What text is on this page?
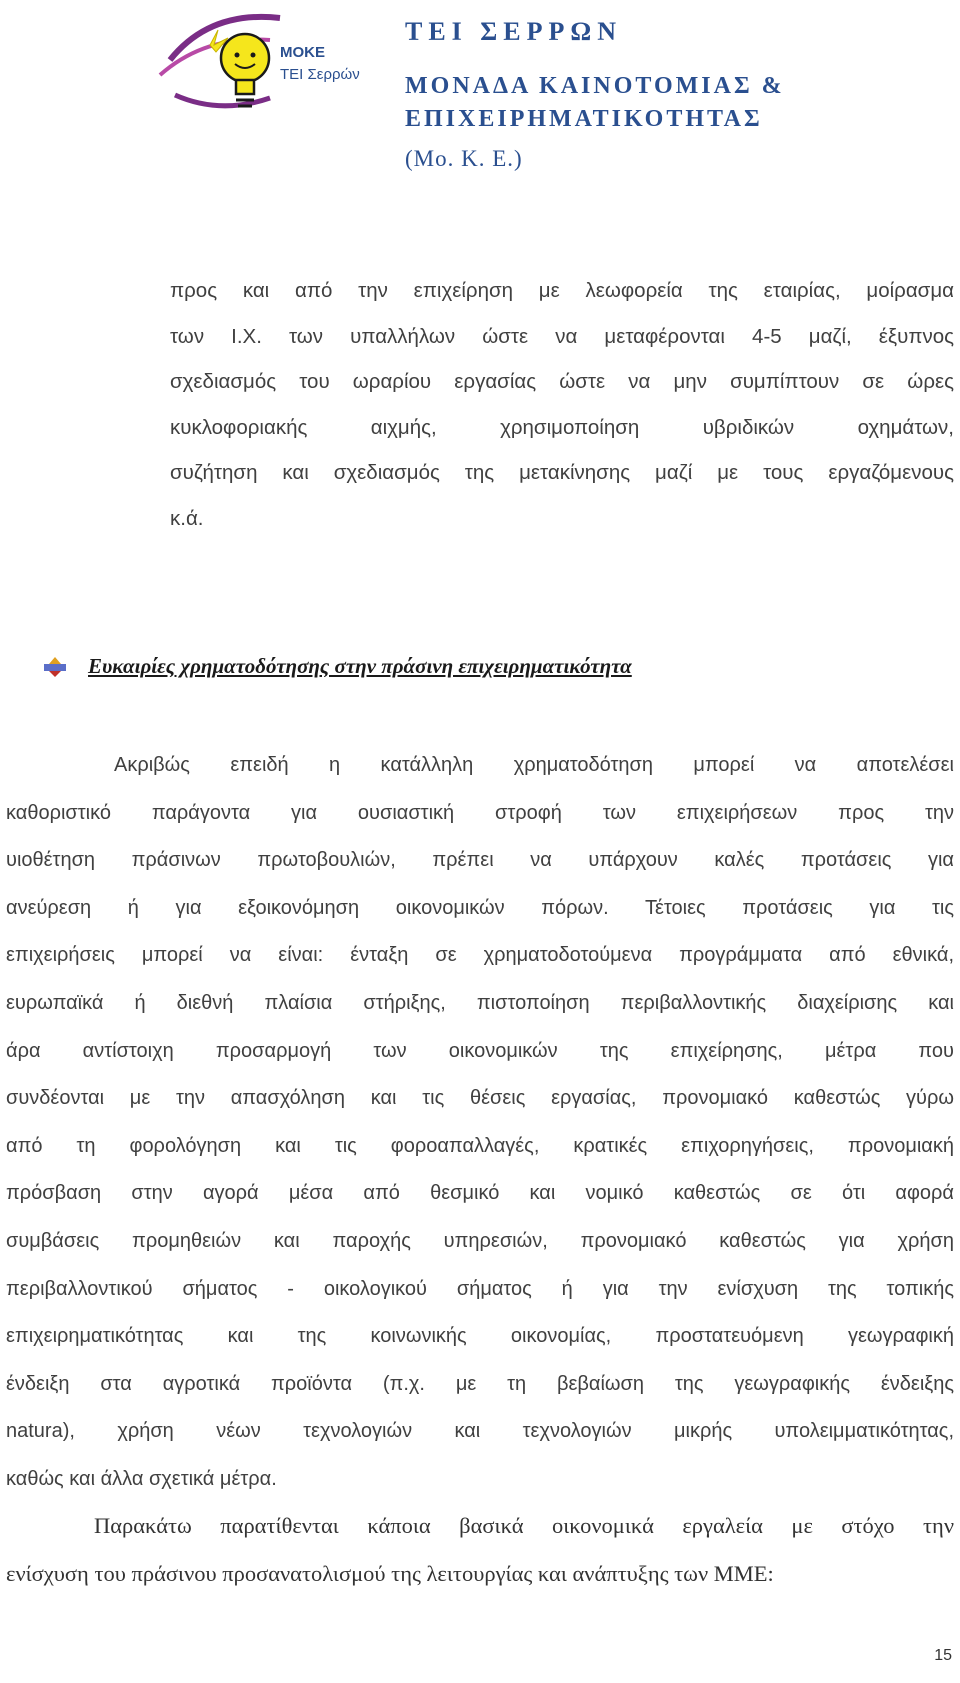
ΜΟΚΕ
ΤΕΙ Σερρών
ΤΕΙ ΣΕΡΡΩΝ
ΜΟΝΑΔΑ ΚΑΙΝΟΤΟΜΙΑΣ &
ΕΠΙΧΕΙΡΗΜΑΤΙΚΟΤΗΤΑΣ
(Μο. Κ. Ε.)
προς και από την επιχείρηση με λεωφορεία της εταιρίας, μοίρασμα
των Ι.Χ. των υπαλλήλων ώστε να μεταφέρονται 4-5 μαζί, έξυπνος
σχεδιασμός του ωραρίου εργασίας ώστε να μην συμπίπτουν σε ώρες
κυκλοφοριακής αιχμής, χρησιμοποίηση υβριδικών οχημάτων,
συζήτηση και σχεδιασμός της μετακίνησης μαζί με τους εργαζόμενους
κ.ά.
Ευκαιρίες χρηματοδότησης στην πράσινη επιχειρηματικότητα
Ακριβώς επειδή η κατάλληλη χρηματοδότηση μπορεί να αποτελέσει
καθοριστικό παράγοντα για ουσιαστική στροφή των επιχειρήσεων προς την
υιοθέτηση πράσινων πρωτοβουλιών, πρέπει να υπάρχουν καλές προτάσεις για
ανεύρεση ή για εξοικονόμηση οικονομικών πόρων. Τέτοιες προτάσεις για τις
επιχειρήσεις μπορεί να είναι: ένταξη σε χρηματοδοτούμενα προγράμματα από εθνικά,
ευρωπαϊκά ή διεθνή πλαίσια στήριξης, πιστοποίηση περιβαλλοντικής διαχείρισης και
άρα αντίστοιχη προσαρμογή των οικονομικών της επιχείρησης, μέτρα που
συνδέονται με την απασχόληση και τις θέσεις εργασίας, προνομιακό καθεστώς γύρω
από τη φορολόγηση και τις φοροαπαλλαγές, κρατικές επιχορηγήσεις, προνομιακή
πρόσβαση στην αγορά μέσα από θεσμικό και νομικό καθεστώς σε ότι αφορά
συμβάσεις προμηθειών και παροχής υπηρεσιών, προνομιακό καθεστώς για χρήση
περιβαλλοντικού σήματος - οικολογικού σήματος ή για την ενίσχυση της τοπικής
επιχειρηματικότητας και της κοινωνικής οικονομίας, προστατευόμενη γεωγραφική
ένδειξη στα αγροτικά προϊόντα (π.χ. με τη βεβαίωση της γεωγραφικής ένδειξης
natura), χρήση νέων τεχνολογιών και τεχνολογιών μικρής υπολειμματικότητας,
καθώς και άλλα σχετικά μέτρα.
Παρακάτω παρατίθενται κάποια βασικά οικονομικά εργαλεία με στόχο την
ενίσχυση του πράσινου προσανατολισμού της λειτουργίας και ανάπτυξης των ΜΜΕ:
15
